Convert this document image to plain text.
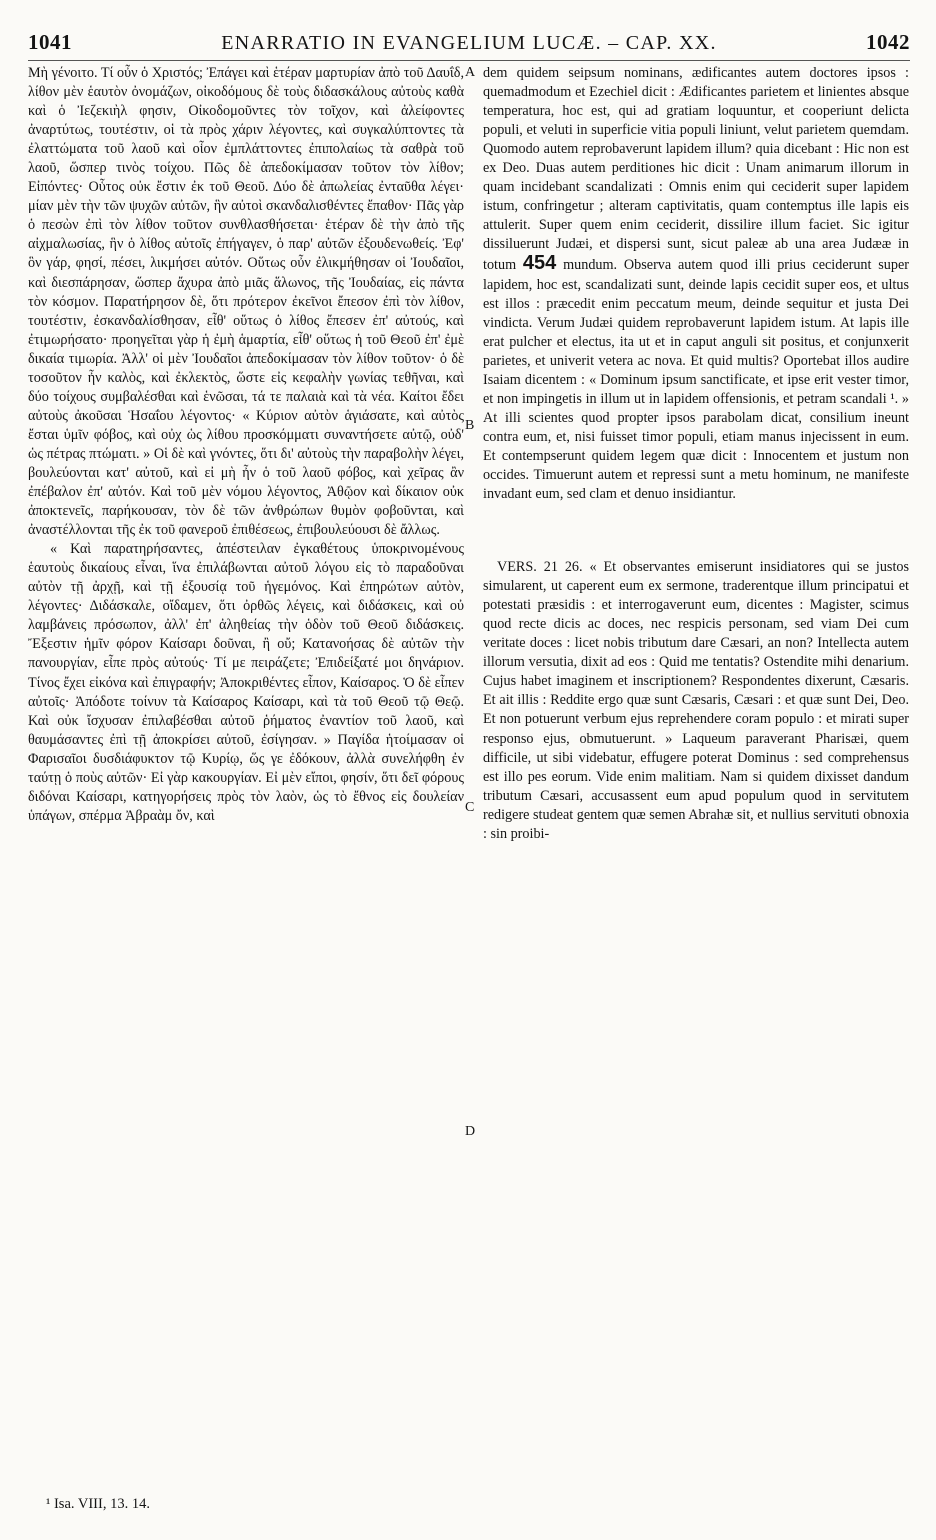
1041	ENARRATIO IN EVANGELIUM LUCÆ. – CAP. XX.	1042

Μὴ γένοιτο. Τί οὖν ὁ Χριστός; Ἐπάγει καὶ ἑτέραν μαρτυρίαν ἀπὸ τοῦ Δαυΐδ, λίθον μὲν ἑαυτὸν ὀνομάζων, οἰκοδόμους δὲ τοὺς διδασκάλους αὐτοὺς καθὰ καὶ ὁ Ἰεζεκιὴλ φησιν, Οἰκοδομοῦντες τὸν τοῖχον, καὶ ἀλείφοντες ἀναρτύτως, τουτέστιν, οἱ τὰ πρὸς χάριν λέγοντες, καὶ συγκαλύπτοντες τὰ ἐλαττώματα τοῦ λαοῦ καὶ οἷον ἐμπλάττοντες ἐπιπολαίως τὰ σαθρὰ τοῦ λαοῦ, ὥσπερ τινὸς τοίχου. Πῶς δὲ ἀπεδοκίμασαν τοῦτον τὸν λίθον; Εἰπόντες· Οὗτος οὐκ ἔστιν ἐκ τοῦ Θεοῦ. Δύο δὲ ἀπωλείας ἐνταῦθα λέγει· μίαν μὲν τὴν τῶν ψυχῶν αὐτῶν, ἣν αὐτοὶ σκανδαλισθέντες ἔπαθον· Πᾶς γὰρ ὁ πεσὼν ἐπὶ τὸν λίθον τοῦτον συνθλασθήσεται· ἑτέραν δὲ τὴν ἀπὸ τῆς αἰχμαλωσίας, ἣν ὁ λίθος αὐτοῖς ἐπήγαγεν, ὁ παρ' αὐτῶν ἐξουδενωθείς. Ἐφ' ὃν γάρ, φησί, πέσει, λικμήσει αὐτόν. Οὕτως οὖν ἐλικμήθησαν οἱ Ἰουδαῖοι, καὶ διεσπάρησαν, ὥσπερ ἄχυρα ἀπὸ μιᾶς ἅλωνος, τῆς Ἰουδαίας, εἰς πάντα τὸν κόσμον. Παρατήρησον δὲ, ὅτι πρότερον ἐκεῖνοι ἔπεσον ἐπὶ τὸν λίθον, τουτέστιν, ἐσκανδαλίσθησαν, εἶθ' οὕτως ὁ λίθος ἔπεσεν ἐπ' αὐτούς, καὶ ἐτιμωρήσατο· προηγεῖται γὰρ ἡ ἐμὴ ἁμαρτία, εἶθ' οὕτως ἡ τοῦ Θεοῦ ἐπ' ἐμὲ δικαία τιμωρία. Ἀλλ' οἱ μὲν Ἰουδαῖοι ἀπεδοκίμασαν τὸν λίθον τοῦτον· ὁ δὲ τοσοῦτον ἦν καλὸς, καὶ ἐκλεκτὸς, ὥστε εἰς κεφαλὴν γωνίας τεθῆναι, καὶ δύο τοίχους συμβαλέσθαι καὶ ἑνῶσαι, τά τε παλαιὰ καὶ τὰ νέα. Καίτοι ἔδει αὐτοὺς ἀκοῦσαι Ἡσαΐου λέγοντος· « Κύριον αὐτὸν ἁγιάσατε, καὶ αὐτὸς ἔσται ὑμῖν φόβος, καὶ οὐχ ὡς λίθου προσκόμματι συναντήσετε αὐτῷ, οὐδ' ὡς πέτρας πτώματι. » Οἱ δὲ καὶ γνόντες, ὅτι δι' αὐτοὺς τὴν παραβολὴν λέγει, βουλεύονται κατ' αὐτοῦ, καὶ εἰ μὴ ἦν ὁ τοῦ λαοῦ φόβος, καὶ χεῖρας ἂν ἐπέβαλον ἐπ' αὐτόν. Καὶ τοῦ μὲν νόμου λέγοντος, Ἀθῷον καὶ δίκαιον οὐκ ἀποκτενεῖς, παρήκουσαν, τὸν δὲ τῶν ἀνθρώπων θυμὸν φοβοῦνται, καὶ ἀναστέλλονται τῆς ἐκ τοῦ φανεροῦ ἐπιθέσεως, ἐπιβουλεύουσι δὲ ἄλλως.

« Καὶ παρατηρήσαντες, ἀπέστειλαν ἐγκαθέτους ὑποκρινομένους ἑαυτοὺς δικαίους εἶναι, ἵνα ἐπιλάβωνται αὐτοῦ λόγου εἰς τὸ παραδοῦναι αὐτὸν τῇ ἀρχῇ, καὶ τῇ ἐξουσίᾳ τοῦ ἡγεμόνος. Καὶ ἐπηρώτων αὐτὸν, λέγοντες· Διδάσκαλε, οἴδαμεν, ὅτι ὀρθῶς λέγεις, καὶ διδάσκεις, καὶ οὐ λαμβάνεις πρόσωπον, ἀλλ' ἐπ' ἀληθείας τὴν ὁδὸν τοῦ Θεοῦ διδάσκεις. Ἔξεστιν ἡμῖν φόρον Καίσαρι δοῦναι, ἢ οὔ; Κατανοήσας δὲ αὐτῶν τὴν πανουργίαν, εἶπε πρὸς αὐτούς· Τί με πειράζετε; Ἐπιδείξατέ μοι δηνάριον. Τίνος ἔχει εἰκόνα καὶ ἐπιγραφήν; Ἀποκριθέντες εἶπον, Καίσαρος. Ὁ δὲ εἶπεν αὐτοῖς· Ἀπόδοτε τοίνυν τὰ Καίσαρος Καίσαρι, καὶ τὰ τοῦ Θεοῦ τῷ Θεῷ. Καὶ οὐκ ἴσχυσαν ἐπιλαβέσθαι αὐτοῦ ῥήματος ἐναντίον τοῦ λαοῦ, καὶ θαυμάσαντες ἐπὶ τῇ ἀποκρίσει αὐτοῦ, ἐσίγησαν. » Παγίδα ἡτοίμασαν οἱ Φαρισαῖοι δυσδιάφυκτον τῷ Κυρίῳ, ὥς γε ἐδόκουν, ἀλλὰ συνελήφθη ἐν ταύτῃ ὁ ποὺς αὐτῶν· Εἰ γὰρ κακουργίαν. Εἰ μὲν εἴποι, φησίν, ὅτι δεῖ φόρους διδόναι Καίσαρι, κατηγορήσεις πρὸς τὸν λαὸν, ὡς τὸ ἔθνος εἰς δουλείαν ὑπάγων, σπέρμα Ἀβραὰμ ὄν, καὶ

A
B
C
D

dem quidem seipsum nominans, ædificantes autem doctores ipsos : quemadmodum et Ezechiel dicit : Ædificantes parietem et linientes absque temperatura, hoc est, qui ad gratiam loquuntur, et cooperiunt delicta populi, et veluti in superficie vitia populi liniunt, velut parietem quemdam. Quomodo autem reprobaverunt lapidem illum? quia dicebant : Hic non est ex Deo. Duas autem perditiones hic dicit : Unam animarum illorum in quam incidebant scandalizati : Omnis enim qui ceciderit super lapidem istum, confringetur ; alteram captivitatis, quam contemptus ille lapis eis attulerit. Super quem enim ceciderit, dissilire illum faciet. Sic igitur dissiluerunt Judæi, et dispersi sunt, sicut paleæ ab una area Judææ in totum 454 mundum. Observa autem quod illi prius ceciderunt super lapidem, hoc est, scandalizati sunt, deinde lapis cecidit super eos, et ultus est illos : præcedit enim peccatum meum, deinde sequitur et justa Dei vindicta. Verum Judæi quidem reprobaverunt lapidem istum. At lapis ille erat pulcher et electus, ita ut et in caput anguli sit positus, et conjunxerit parietes, et univerit vetera ac nova. Et quid multis? Oportebat illos audire Isaiam dicentem : « Dominum ipsum sanctificate, et ipse erit vester timor, et non impingetis in illum ut in lapidem offensionis, et petram scandali ¹. » At illi scientes quod propter ipsos parabolam dicat, consilium ineunt contra eum, et, nisi fuisset timor populi, etiam manus injecissent in eum. Et contempserunt quidem legem quæ dicit : Innocentem et justum non occides. Timuerunt autem et repressi sunt a metu hominum, ne manifeste invadant eum, sed clam et denuo insidiantur.

VERS. 21 26. « Et observantes emiserunt insidiatores qui se justos simularent, ut caperent eum ex sermone, traderentque illum principatui et potestati præsidis : et interrogaverunt eum, dicentes : Magister, scimus quod recte dicis ac doces, nec respicis personam, sed viam Dei cum veritate doces : licet nobis tributum dare Cæsari, an non? Intellecta autem illorum versutia, dixit ad eos : Quid me tentatis? Ostendite mihi denarium. Cujus habet imaginem et inscriptionem? Respondentes dixerunt, Cæsaris. Et ait illis : Reddite ergo quæ sunt Cæsaris, Cæsari : et quæ sunt Dei, Deo. Et non potuerunt verbum ejus reprehendere coram populo : et mirati super responso ejus, obmutuerunt. » Laqueum paraverant Pharisæi, quem difficile, ut sibi videbatur, effugere poterat Dominus : sed comprehensus est illo pes eorum. Vide enim malitiam. Nam si quidem dixisset dandum tributum Cæsari, accusassent eum apud populum quod in servitutem redigere studeat gentem quæ semen Abrahæ sit, et nullius servituti obnoxia : sin proibi-

¹ Isa. VIII, 13. 14.
